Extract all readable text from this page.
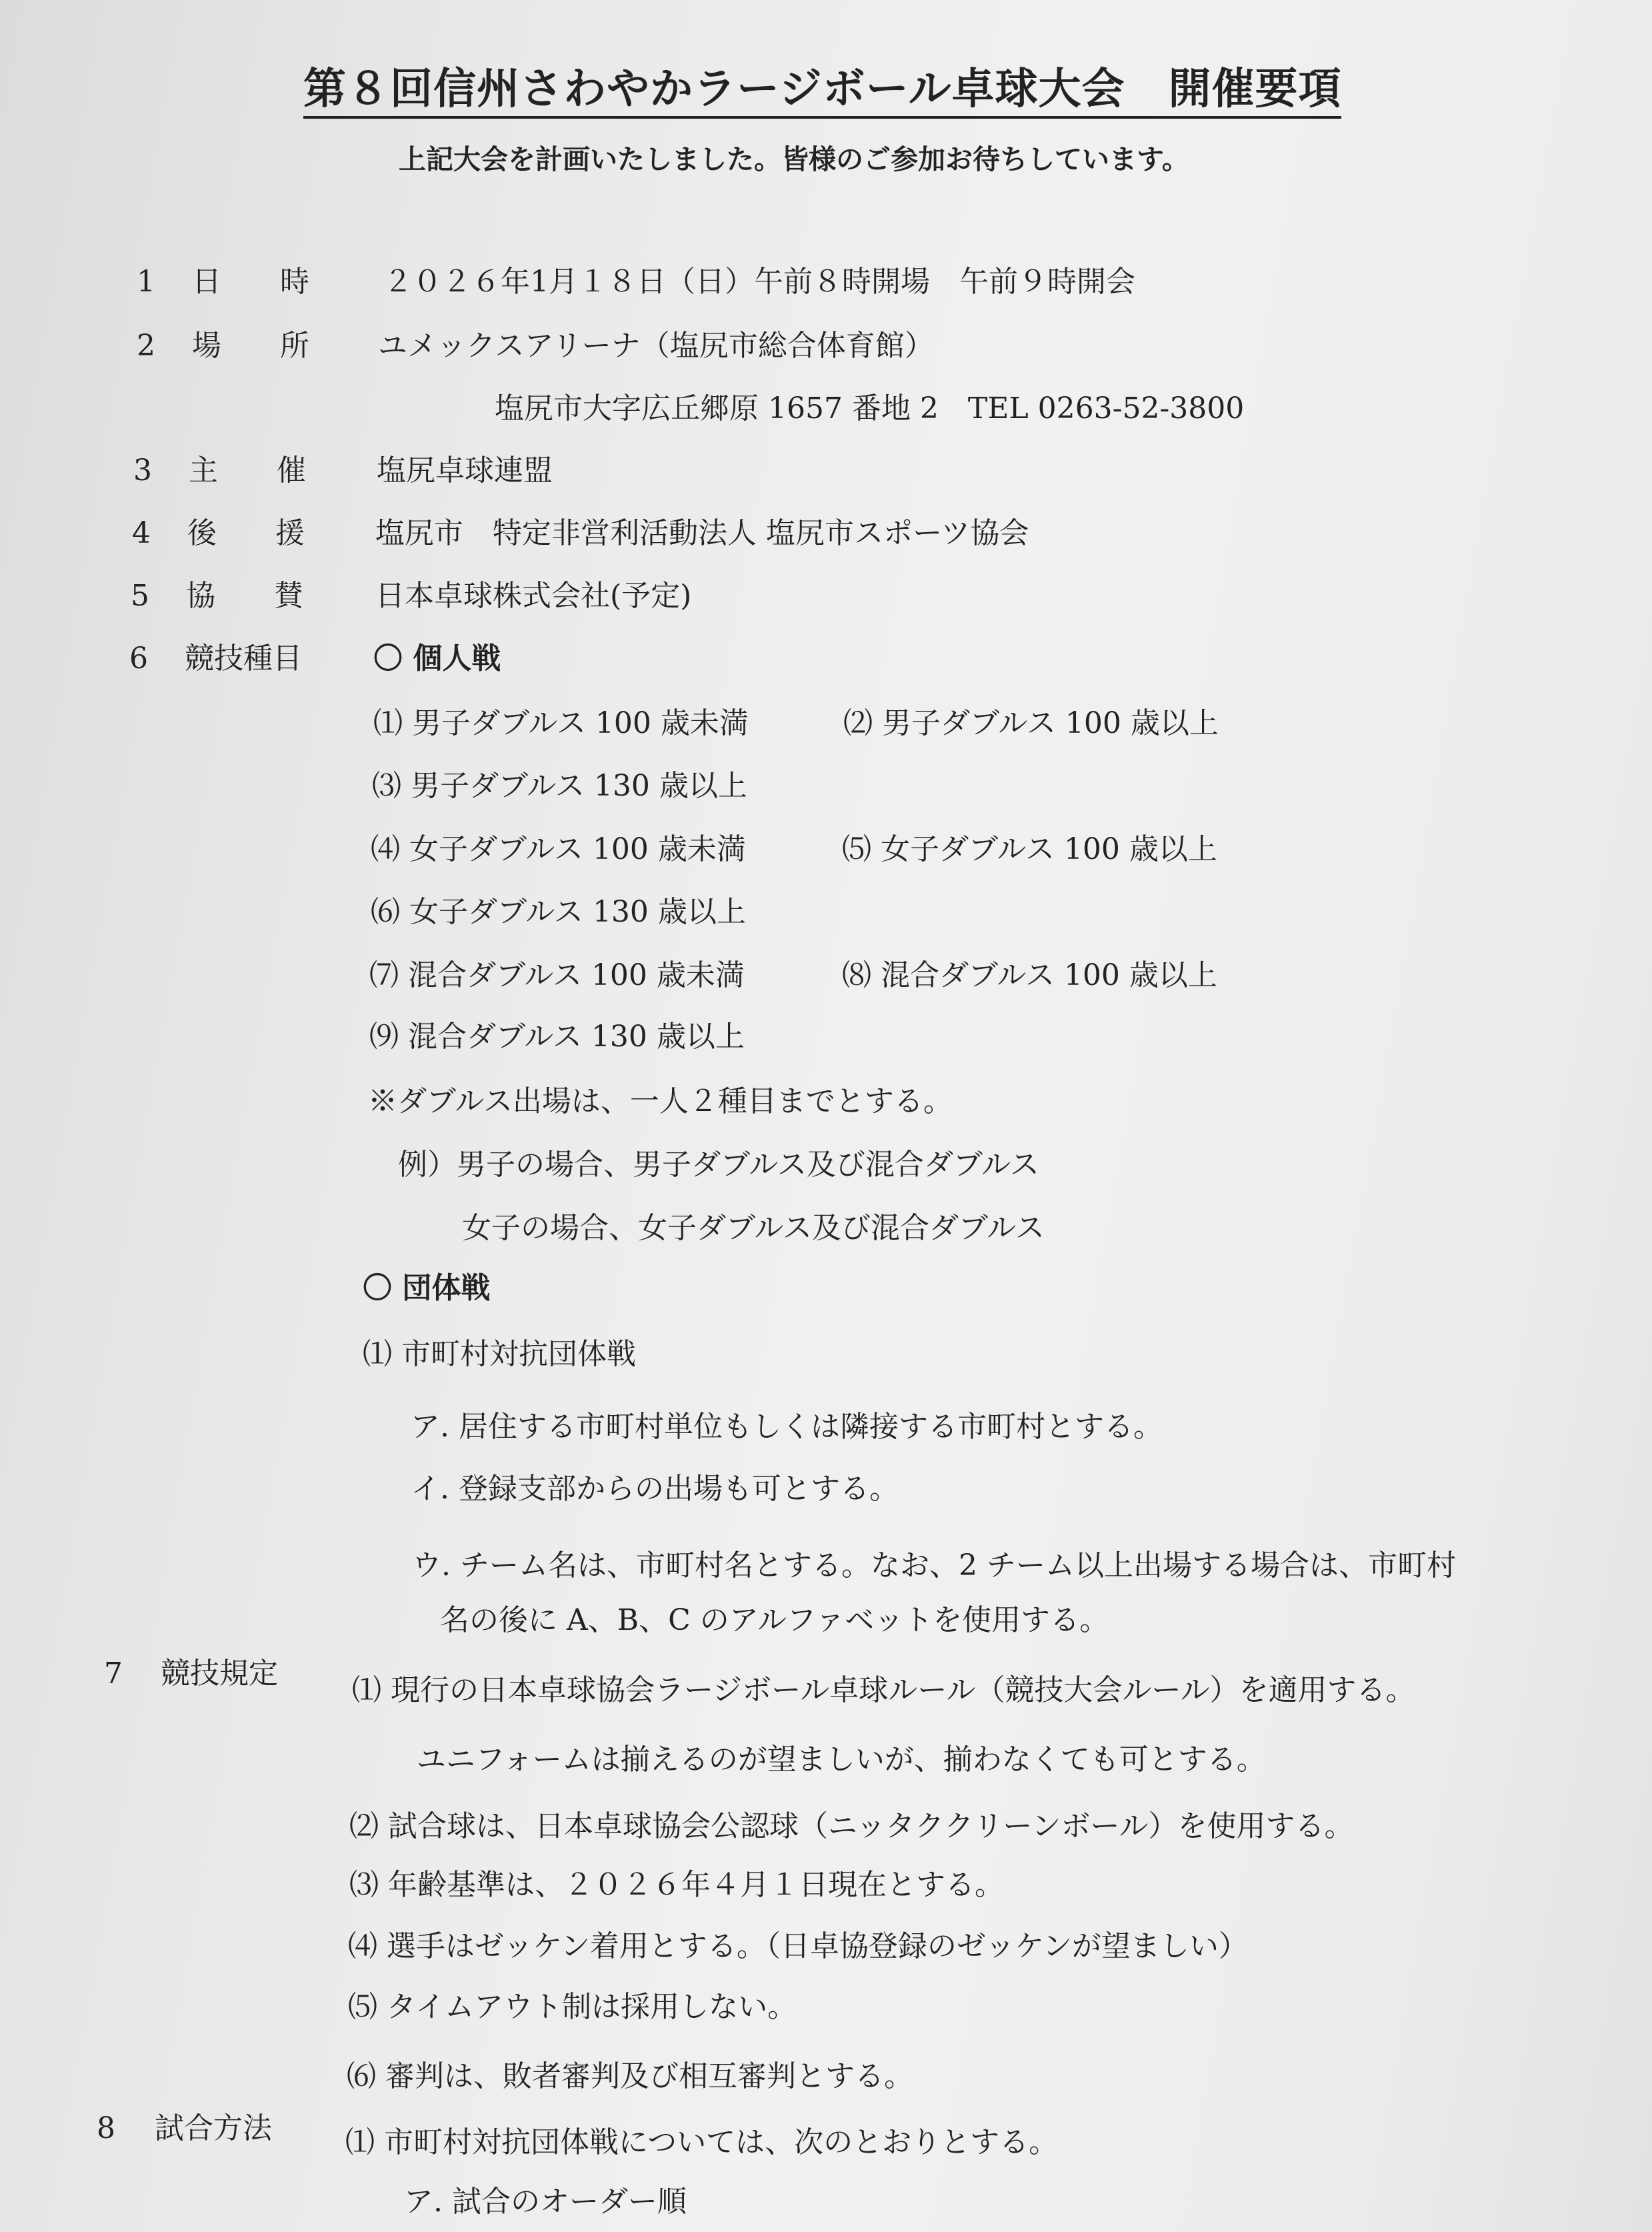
第８回信州さわやかラージボール卓球大会　開催要項
上記大会を計画いたしました。皆様のご参加お待ちしています。
1 日　　時	２０２６年1月１８日（日）午前８時開場　午前９時開会
2 場　　所 ユメックスアリーナ（塩尻市総合体育館）
塩尻市大字広丘郷原 1657 番地 2　TEL 0263-52-3800
3 主　　催 塩尻卓球連盟
4 後　　援 塩尻市　特定非営利活動法人 塩尻市スポーツ協会
5 協　　賛 日本卓球株式会社(予定)
6 競技種目 〇 個人戦
⑴ 男子ダブルス 100 歳未満	⑵ 男子ダブルス 100 歳以上
⑶ 男子ダブルス 130 歳以上
⑷ 女子ダブルス 100 歳未満	⑸ 女子ダブルス 100 歳以上
⑹ 女子ダブルス 130 歳以上
⑺ 混合ダブルス 100 歳未満	⑻ 混合ダブルス 100 歳以上
⑼ 混合ダブルス 130 歳以上
※ダブルス出場は、一人２種目までとする。
例）男子の場合、男子ダブルス及び混合ダブルス
女子の場合、女子ダブルス及び混合ダブルス
〇 団体戦
⑴ 市町村対抗団体戦
ア. 居住する市町村単位もしくは隣接する市町村とする。
イ. 登録支部からの出場も可とする。
ウ. チーム名は、市町村名とする。なお、2 チーム以上出場する場合は、市町村
名の後に A、B、C のアルファベットを使用する。
7 競技規定	⑴ 現行の日本卓球協会ラージボール卓球ルール（競技大会ルール）を適用する。
ユニフォームは揃えるのが望ましいが、揃わなくても可とする。
⑵ 試合球は、日本卓球協会公認球（ニッタククリーンボール）を使用する。
⑶ 年齢基準は、２０２６年４月１日現在とする。
⑷ 選手はゼッケン着用とする。（日卓協登録のゼッケンが望ましい）
⑸ タイムアウト制は採用しない。
⑹ 審判は、敗者審判及び相互審判とする。
8 試合方法	⑴ 市町村対抗団体戦については、次のとおりとする。
ア. 試合のオーダー順
